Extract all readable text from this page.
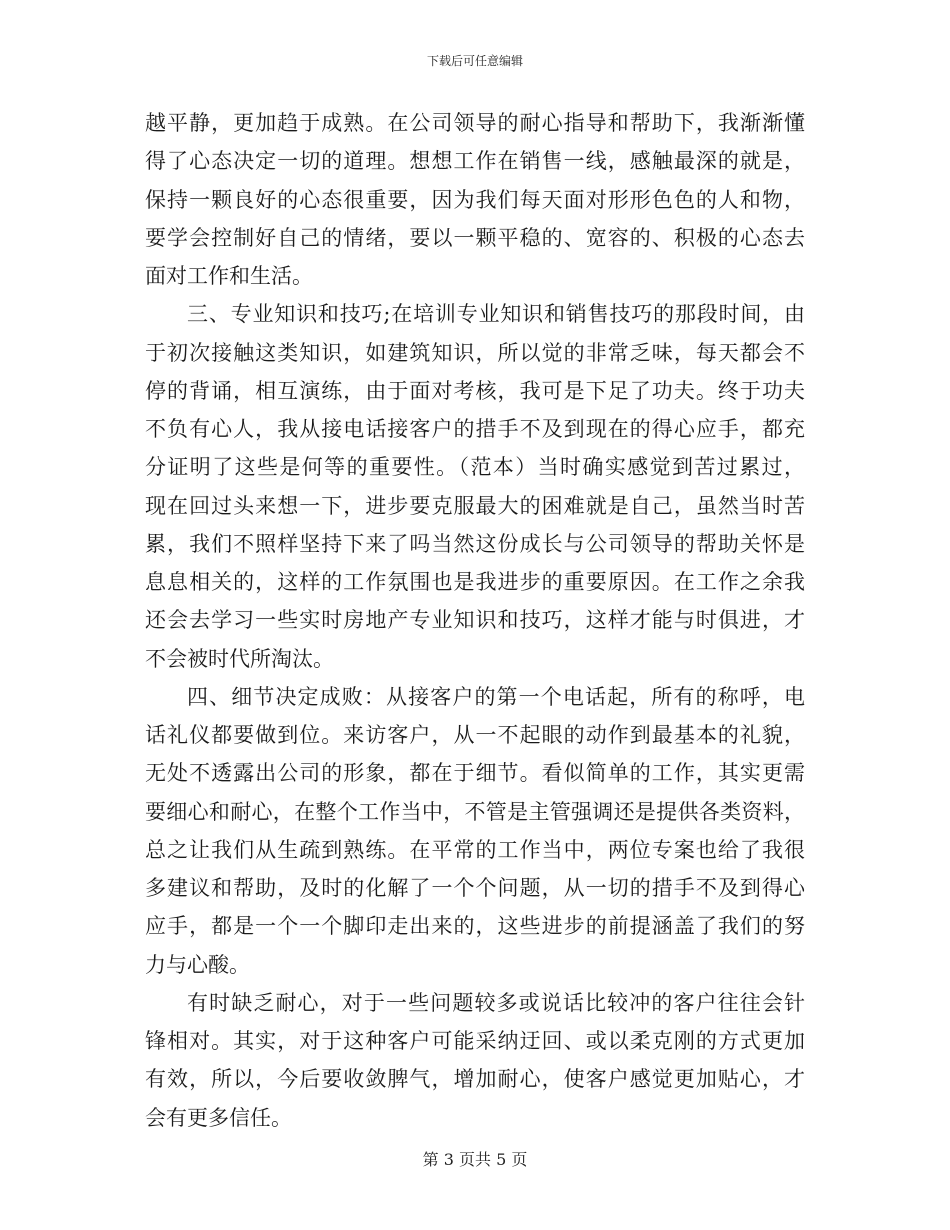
下载后可任意编辑
越平静，更加趋于成熟。在公司领导的耐心指导和帮助下，我渐渐懂
得了心态决定一切的道理。想想工作在销售一线，感触最深的就是，
保持一颗良好的心态很重要，因为我们每天面对形形色色的人和物，
要学会控制好自己的情绪，要以一颗平稳的、宽容的、积极的心态去
面对工作和生活。
三、专业知识和技巧;在培训专业知识和销售技巧的那段时间，由
于初次接触这类知识，如建筑知识，所以觉的非常乏味，每天都会不
停的背诵，相互演练，由于面对考核，我可是下足了功夫。终于功夫
不负有心人，我从接电话接客户的措手不及到现在的得心应手，都充
分证明了这些是何等的重要性。（范本）当时确实感觉到苦过累过，
现在回过头来想一下，进步要克服最大的困难就是自己，虽然当时苦
累，我们不照样坚持下来了吗当然这份成长与公司领导的帮助关怀是
息息相关的，这样的工作氛围也是我进步的重要原因。在工作之余我
还会去学习一些实时房地产专业知识和技巧，这样才能与时俱进，才
不会被时代所淘汰。
四、细节决定成败：从接客户的第一个电话起，所有的称呼，电
话礼仪都要做到位。来访客户，从一不起眼的动作到最基本的礼貌，
无处不透露出公司的形象，都在于细节。看似简单的工作，其实更需
要细心和耐心，在整个工作当中，不管是主管强调还是提供各类资料，
总之让我们从生疏到熟练。在平常的工作当中，两位专案也给了我很
多建议和帮助，及时的化解了一个个问题，从一切的措手不及到得心
应手，都是一个一个脚印走出来的，这些进步的前提涵盖了我们的努
力与心酸。
有时缺乏耐心，对于一些问题较多或说话比较冲的客户往往会针
锋相对。其实，对于这种客户可能采纳迂回、或以柔克刚的方式更加
有效，所以，今后要收敛脾气，增加耐心，使客户感觉更加贴心，才
会有更多信任。
第 3 页共 5 页
